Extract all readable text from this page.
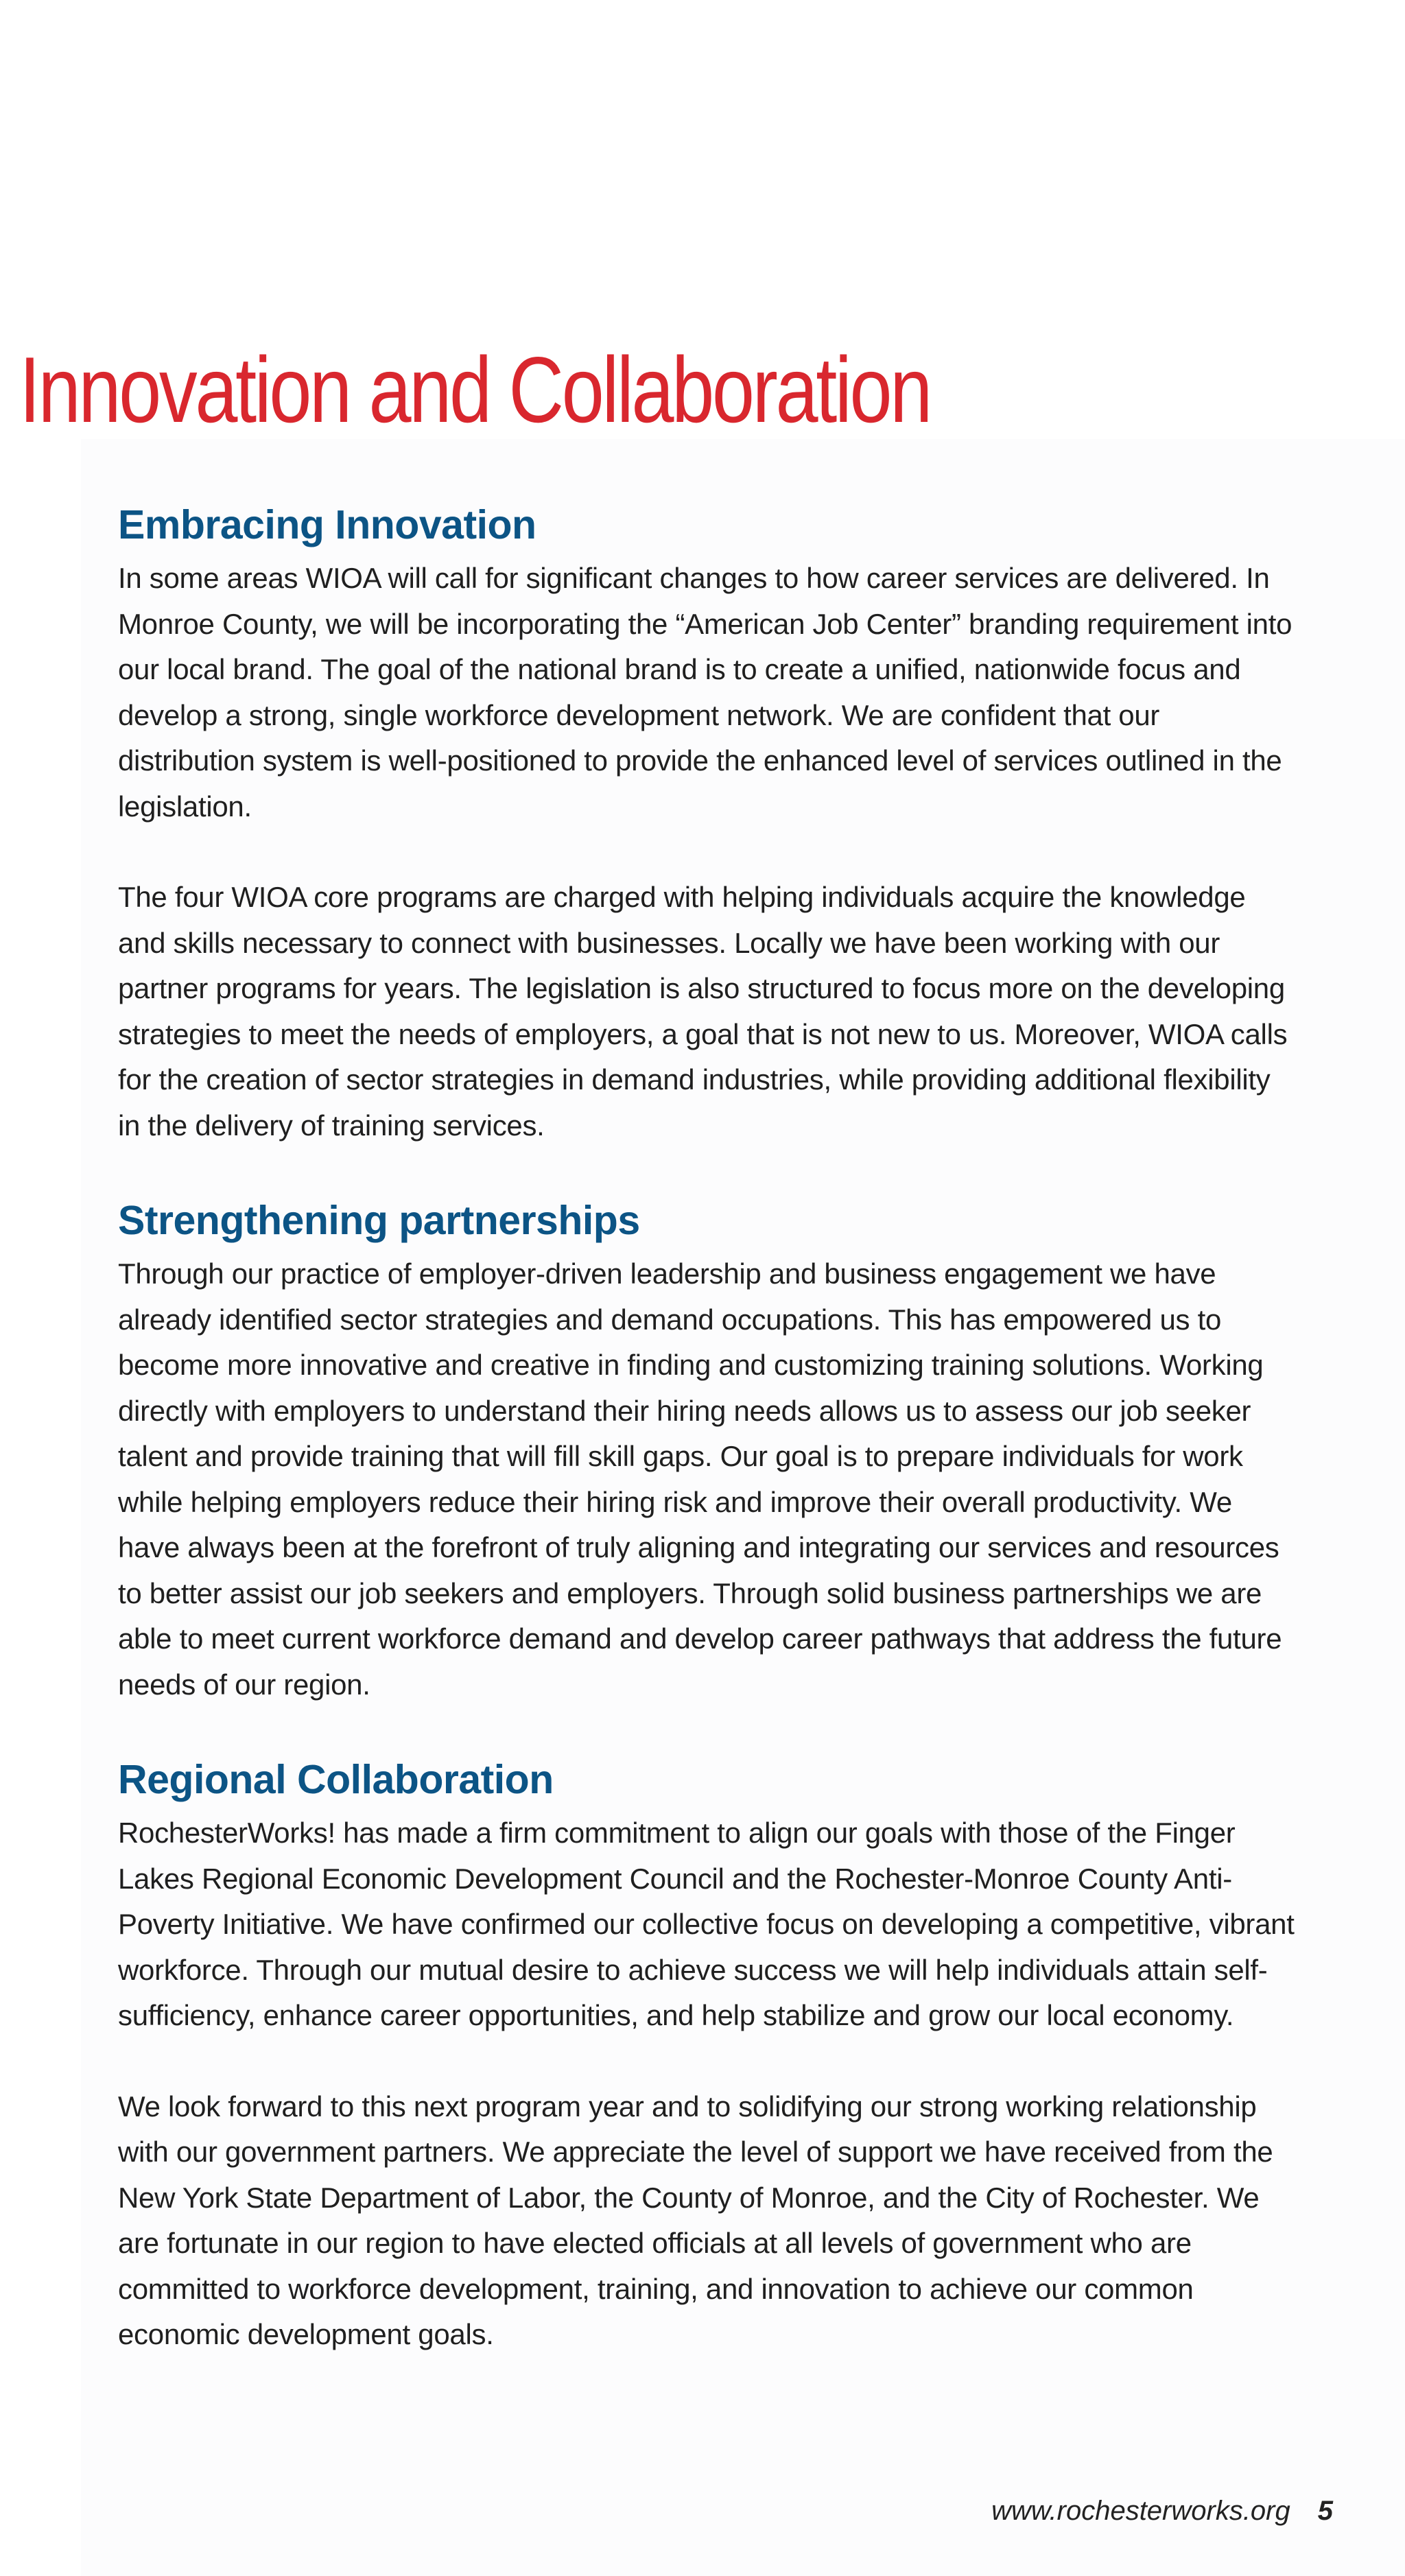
Innovation and Collaboration
Embracing Innovation

In some areas WIOA will call for significant changes to how career services are delivered. In Monroe County, we will be incorporating the “American Job Center” branding requirement into our local brand. The goal of the national brand is to create a unified, nationwide focus and develop a strong, single workforce development network. We are confident that our distribution system is well-positioned to provide the enhanced level of services outlined in the legislation.

The four WIOA core programs are charged with helping individuals acquire the knowledge and skills necessary to connect with businesses. Locally we have been working with our partner programs for years. The legislation is also structured to focus more on the developing strategies to meet the needs of employers, a goal that is not new to us. Moreover, WIOA calls for the creation of sector strategies in demand industries, while providing additional flexibility in the delivery of training services.

Strengthening partnerships

Through our practice of employer-driven leadership and business engagement we have already identified sector strategies and demand occupations. This has empowered us to become more innovative and creative in finding and customizing training solutions. Working directly with employers to understand their hiring needs allows us to assess our job seeker talent and provide training that will fill skill gaps. Our goal is to prepare individuals for work while helping employers reduce their hiring risk and improve their overall productivity. We have always been at the forefront of truly aligning and integrating our services and resources to better assist our job seekers and employers. Through solid business partnerships we are able to meet current workforce demand and develop career pathways that address the future needs of our region.

Regional Collaboration

RochesterWorks! has made a firm commitment to align our goals with those of the Finger Lakes Regional Economic Development Council and the Rochester-Monroe County Anti-Poverty Initiative. We have confirmed our collective focus on developing a competitive, vibrant workforce. Through our mutual desire to achieve success we will help individuals attain self-sufficiency, enhance career opportunities, and help stabilize and grow our local economy.

We look forward to this next program year and to solidifying our strong working relationship with our government partners. We appreciate the level of support we have received from the New York State Department of Labor, the County of Monroe, and the City of Rochester. We are fortunate in our region to have elected officials at all levels of government who are committed to workforce development, training, and innovation to achieve our common economic development goals.

www.rochesterworks.org 5
